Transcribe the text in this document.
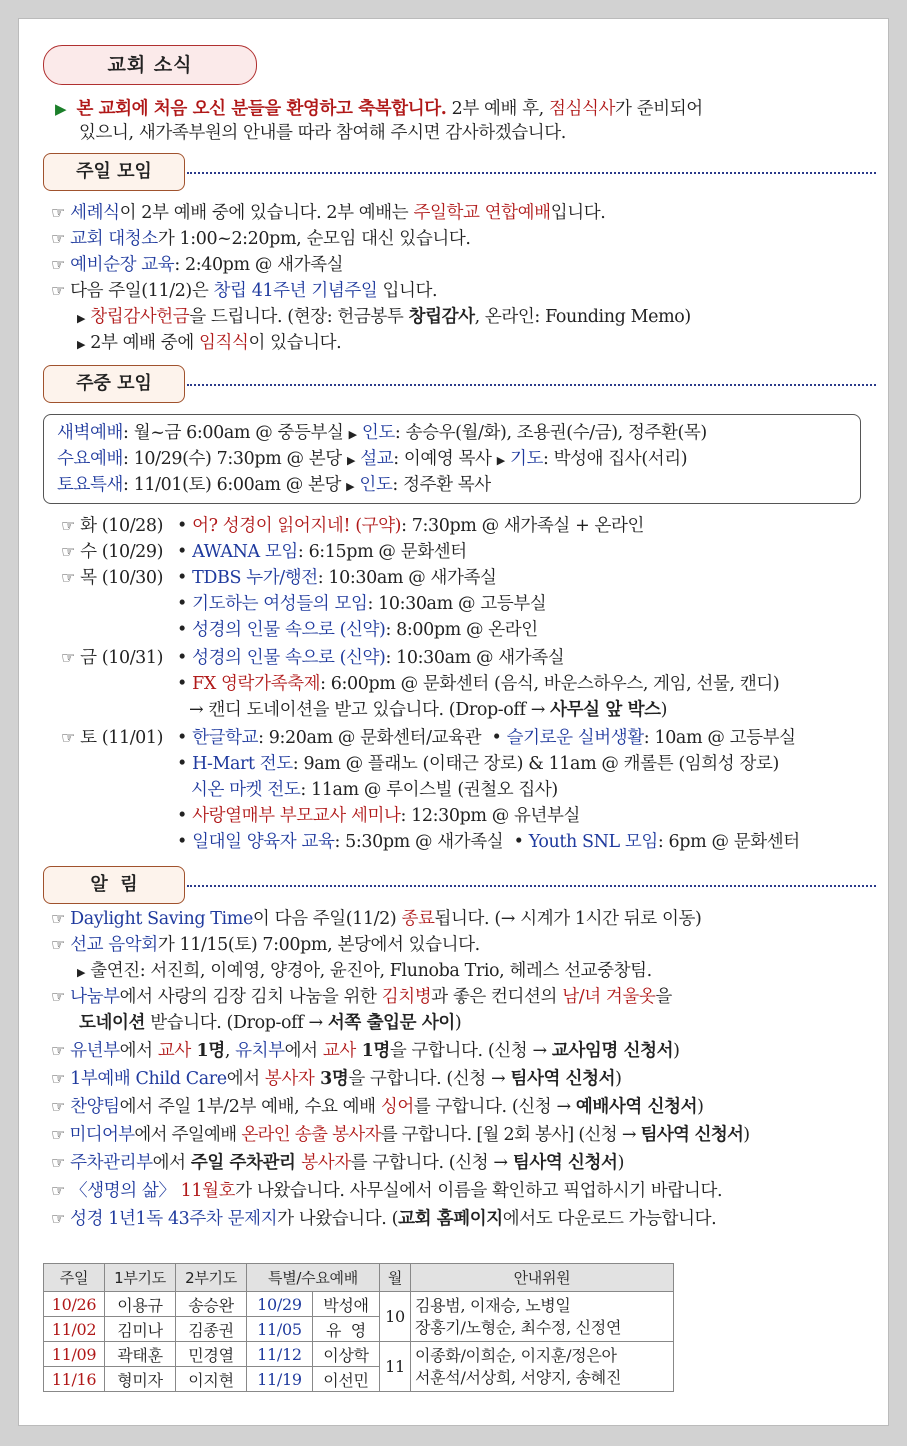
교회 소식
▶ 본 교회에 처음 오신 분들을 환영하고 축복합니다. 2부 예배 후, 점심식사가 준비되어
있으니, 새가족부원의 안내를 따라 참여해 주시면 감사하겠습니다.
주일 모임
☞ 세례식이 2부 예배 중에 있습니다. 2부 예배는 주일학교 연합예배입니다.
☞ 교회 대청소가 1:00~2:20pm, 순모임 대신 있습니다.
☞ 예비순장 교육: 2:40pm @ 새가족실
☞ 다음 주일(11/2)은 창립 41주년 기념주일 입니다.
▶ 창립감사헌금을 드립니다. (현장: 헌금봉투 창립감사, 온라인: Founding Memo)
▶ 2부 예배 중에 임직식이 있습니다.
주중 모임
새벽예배: 월~금 6:00am @ 중등부실 ▶ 인도: 송승우(월/화), 조용권(수/금), 정주환(목)
수요예배: 10/29(수) 7:30pm @ 본당 ▶ 설교: 이예영 목사 ▶ 기도: 박성애 집사(서리)
토요특새: 11/01(토) 6:00am @ 본당 ▶ 인도: 정주환 목사
☞ 화 (10/28) • 어? 성경이 읽어지네! (구약): 7:30pm @ 새가족실 + 온라인
☞ 수 (10/29) • AWANA 모임: 6:15pm @ 문화센터
☞ 목 (10/30) • TDBS 누가/행전: 10:30am @ 새가족실
• 기도하는 여성들의 모임: 10:30am @ 고등부실
• 성경의 인물 속으로 (신약): 8:00pm @ 온라인
☞ 금 (10/31) • 성경의 인물 속으로 (신약): 10:30am @ 새가족실
• FX 영락가족축제: 6:00pm @ 문화센터 (음식, 바운스하우스, 게임, 선물, 캔디)
→ 캔디 도네이션을 받고 있습니다. (Drop-off → 사무실 앞 박스)
☞ 토 (11/01) • 한글학교: 9:20am @ 문화센터/교육관  • 슬기로운 실버생활: 10am @ 고등부실
• H-Mart 전도: 9am @ 플래노 (이태근 장로) & 11am @ 캐롤튼 (임희성 장로)
시온 마켓 전도: 11am @ 루이스빌 (권철오 집사)
• 사랑열매부 부모교사 세미나: 12:30pm @ 유년부실
• 일대일 양육자 교육: 5:30pm @ 새가족실  • Youth SNL 모임: 6pm @ 문화센터
알  림
☞ Daylight Saving Time이 다음 주일(11/2) 종료됩니다. (→ 시계가 1시간 뒤로 이동)
☞ 선교 음악회가 11/15(토) 7:00pm, 본당에서 있습니다.
▶ 출연진: 서진희, 이예영, 양경아, 윤진아, Flunoba Trio, 헤레스 선교중창팀.
☞ 나눔부에서 사랑의 김장 김치 나눔을 위한 김치병과 좋은 컨디션의 남/녀 겨울옷을
도네이션 받습니다. (Drop-off → 서쪽 출입문 사이)
☞ 유년부에서 교사 1명, 유치부에서 교사 1명을 구합니다. (신청 → 교사임명 신청서)
☞ 1부예배 Child Care에서 봉사자 3명을 구합니다. (신청 → 팀사역 신청서)
☞ 찬양팀에서 주일 1부/2부 예배, 수요 예배 싱어를 구합니다. (신청 → 예배사역 신청서)
☞ 미디어부에서 주일예배 온라인 송출 봉사자를 구합니다. [월 2회 봉사] (신청 → 팀사역 신청서)
☞ 주차관리부에서 주일 주차관리 봉사자를 구합니다. (신청 → 팀사역 신청서)
☞ 〈생명의 삶〉 11월호가 나왔습니다. 사무실에서 이름을 확인하고 픽업하시기 바랍니다.
☞ 성경 1년1독 43주차 문제지가 나왔습니다. (교회 홈페이지에서도 다운로드 가능합니다.
주일	1부기도	2부기도	특별/수요예배		월	안내위원
10/26	이용규	송승완	10/29	박성애	10	김용범, 이재승, 노병일
장홍기/노형순, 최수정, 신정연

11/02	김미나	김종권	11/05	유  영		
11/09	곽태훈	민경열	11/12	이상학	11	이종화/이희순, 이지훈/정은아
서훈석/서상희, 서양지, 송혜진

11/16	형미자	이지현	11/19	이선민		
